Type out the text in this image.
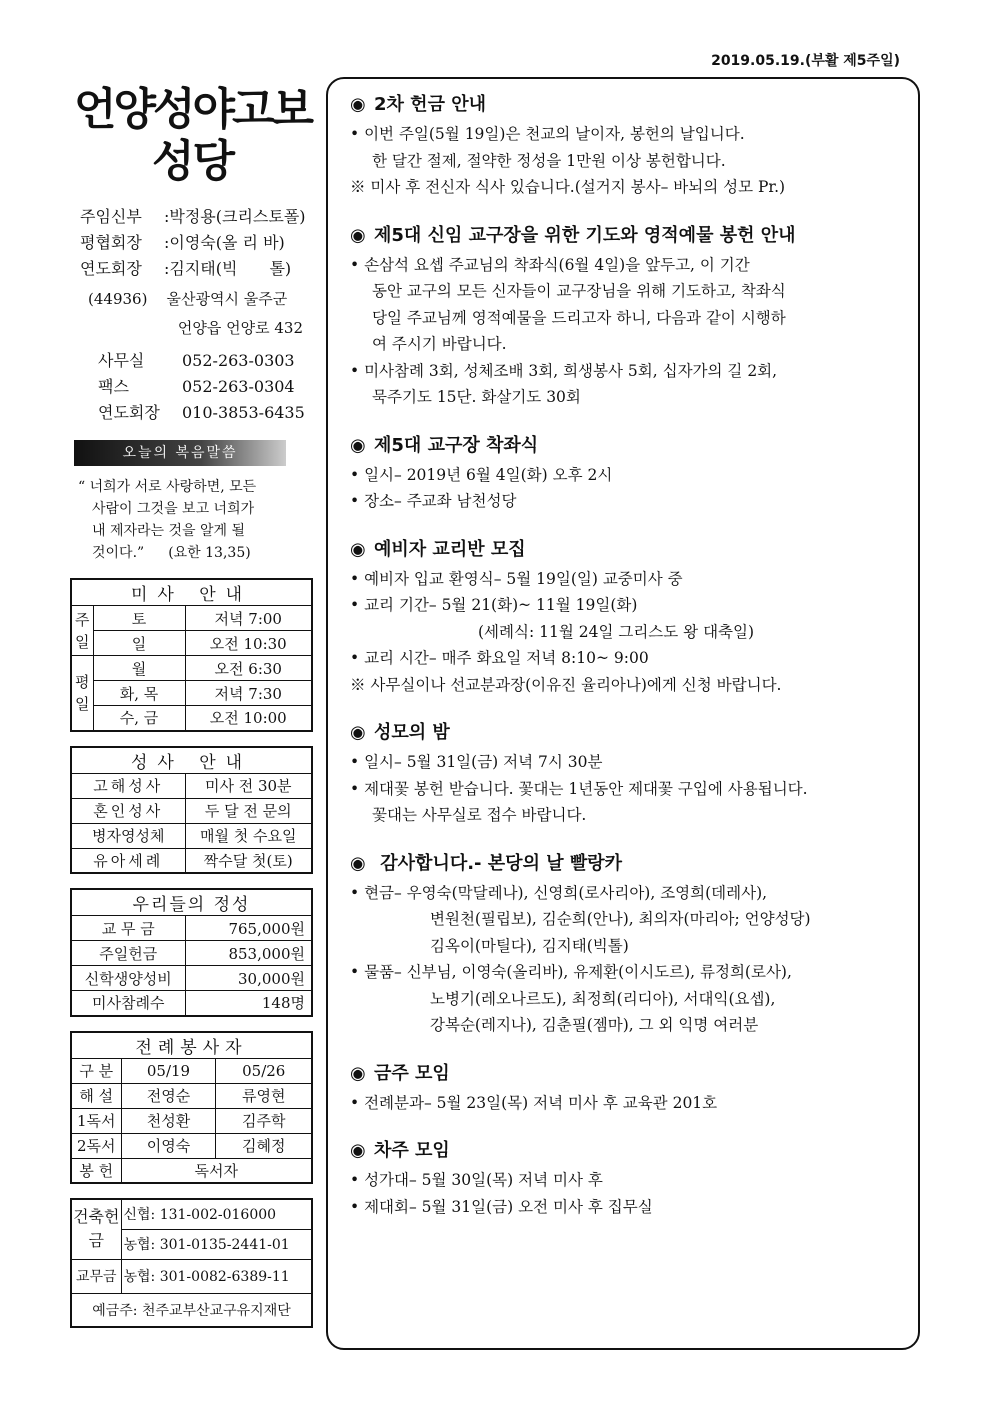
2019.05.19.(부활 제5주일)
언양성야고보
성당
주임신부 :박정용(크리스토폴)
평협회장 :이영숙(올 리 바)
연도회장 :김지태(빅　　톨)
(44936) 울산광역시 울주군
언양읍 언양로 432
사무실 052-263-0303
팩스	052-263-0304
연도회장 010-3853-6435
오늘의 복음말씀
“ 너희가 서로 사랑하면, 모든
사람이 그것을 보고 너희가
내 제자라는 것을 알게 될
것이다.” (요한 13,35)
미사 안내		
주일	토	저녁 7:00
	일	오전 10:30
평일	월	오전 6:30
	화, 목	저녁 7:30
	수, 금	오전 10:00
성사 안내	
고해성사	미사 전 30분
혼인성사	두 달 전 문의
병자영성체	매월 첫 수요일
유아세례	짝수달 첫(토)
우리들의 정성	
교 무 금	765,000원
주일헌금	853,000원
신학생양성비	30,000원
미사참례수	148명
전례봉사자		
구 분	05/19	05/26
해 설	전영순	류영현
1독서	천성환	김주학
2독서	이영숙	김혜정
봉 헌	독서자	
건축헌금	신협: 131-002-016000
	농협: 301-0135-2441-01
교무금	농협: 301-0082-6389-11
예금주: 천주교부산교구유지재단	
◉ 2차 헌금 안내
• 이번 주일(5월 19일)은 천교의 날이자, 봉헌의 날입니다.
한 달간 절제, 절약한 정성을 1만원 이상 봉헌합니다.
※ 미사 후 전신자 식사 있습니다.(설거지 봉사– 바뇌의 성모 Pr.)
◉ 제5대 신임 교구장을 위한 기도와 영적예물 봉헌 안내
• 손삼석 요셉 주교님의 착좌식(6월 4일)을 앞두고, 이 기간
동안 교구의 모든 신자들이 교구장님을 위해 기도하고, 착좌식
당일 주교님께 영적예물을 드리고자 하니, 다음과 같이 시행하
여 주시기 바랍니다.
• 미사참례 3회, 성체조배 3회, 희생봉사 5회, 십자가의 길 2회,
묵주기도 15단. 화살기도 30회
◉ 제5대 교구장 착좌식
• 일시– 2019년 6월 4일(화) 오후 2시
• 장소– 주교좌 남천성당
◉ 예비자 교리반 모집
• 예비자 입교 환영식– 5월 19일(일) 교중미사 중
• 교리 기간– 5월 21(화)~ 11월 19일(화)
(세례식: 11월 24일 그리스도 왕 대축일)
• 교리 시간– 매주 화요일 저녁 8:10~ 9:00
※ 사무실이나 선교분과장(이유진 율리아나)에게 신청 바랍니다.
◉ 성모의 밤
• 일시– 5월 31일(금) 저녁 7시 30분
• 제대꽃 봉헌 받습니다. 꽃대는 1년동안 제대꽃 구입에 사용됩니다.
꽃대는 사무실로 접수 바랍니다.
◉ 감사합니다.- 본당의 날 빨랑카
• 현금– 우영숙(막달레나), 신영희(로사리아), 조영희(데레사),
변원천(필립보), 김순희(안나), 최의자(마리아; 언양성당)
김옥이(마틸다), 김지태(빅톨)
• 물품– 신부님, 이영숙(올리바), 유제환(이시도르), 류정희(로사),
노병기(레오나르도), 최정희(리디아), 서대익(요셉),
강복순(레지나), 김춘필(젬마), 그 외 익명 여러분
◉ 금주 모임
• 전례분과– 5월 23일(목) 저녁 미사 후 교육관 201호
◉ 차주 모임
• 성가대– 5월 30일(목) 저녁 미사 후
• 제대회– 5월 31일(금) 오전 미사 후 집무실
